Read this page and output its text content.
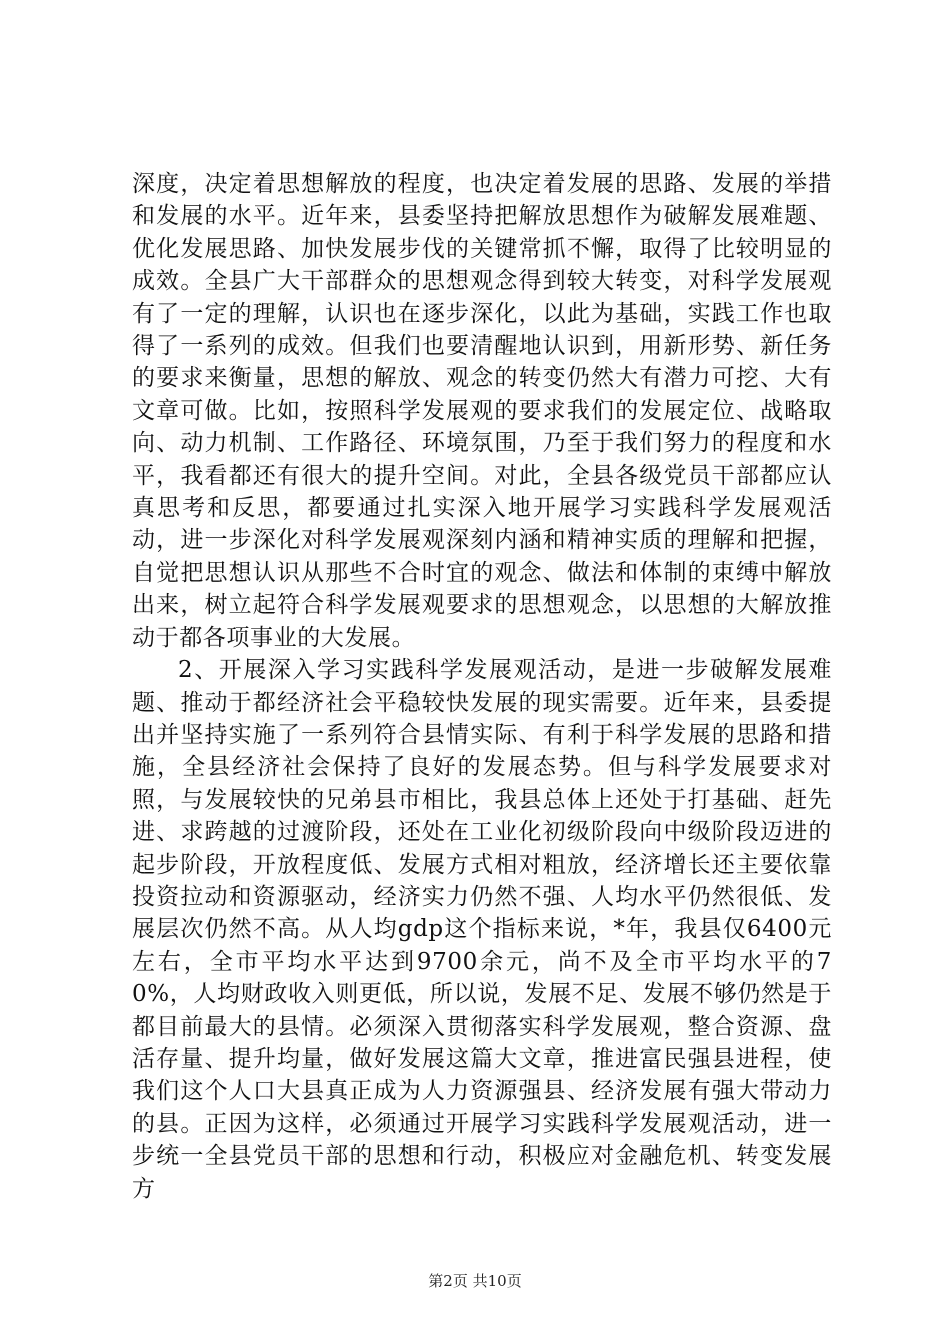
深度，决定着思想解放的程度，也决定着发展的思路、发展的举措和发展的水平。近年来，县委坚持把解放思想作为破解发展难题、优化发展思路、加快发展步伐的关键常抓不懈，取得了比较明显的成效。全县广大干部群众的思想观念得到较大转变，对科学发展观有了一定的理解，认识也在逐步深化，以此为基础，实践工作也取得了一系列的成效。但我们也要清醒地认识到，用新形势、新任务的要求来衡量，思想的解放、观念的转变仍然大有潜力可挖、大有文章可做。比如，按照科学发展观的要求我们的发展定位、战略取向、动力机制、工作路径、环境氛围，乃至于我们努力的程度和水平，我看都还有很大的提升空间。对此，全县各级党员干部都应认真思考和反思，都要通过扎实深入地开展学习实践科学发展观活动，进一步深化对科学发展观深刻内涵和精神实质的理解和把握，自觉把思想认识从那些不合时宜的观念、做法和体制的束缚中解放出来，树立起符合科学发展观要求的思想观念，以思想的大解放推动于都各项事业的大发展。

2、开展深入学习实践科学发展观活动，是进一步破解发展难题、推动于都经济社会平稳较快发展的现实需要。近年来，县委提出并坚持实施了一系列符合县情实际、有利于科学发展的思路和措施，全县经济社会保持了良好的发展态势。但与科学发展要求对照，与发展较快的兄弟县市相比，我县总体上还处于打基础、赶先进、求跨越的过渡阶段，还处在工业化初级阶段向中级阶段迈进的起步阶段，开放程度低、发展方式相对粗放，经济增长还主要依靠投资拉动和资源驱动，经济实力仍然不强、人均水平仍然很低、发展层次仍然不高。从人均gdp这个指标来说，*年，我县仅6400元左右，全市平均水平达到9700余元，尚不及全市平均水平的70%，人均财政收入则更低，所以说，发展不足、发展不够仍然是于都目前最大的县情。必须深入贯彻落实科学发展观，整合资源、盘活存量、提升均量，做好发展这篇大文章，推进富民强县进程，使我们这个人口大县真正成为人力资源强县、经济发展有强大带动力的县。正因为这样，必须通过开展学习实践科学发展观活动，进一步统一全县党员干部的思想和行动，积极应对金融危机、转变发展方

第2页 共10页
